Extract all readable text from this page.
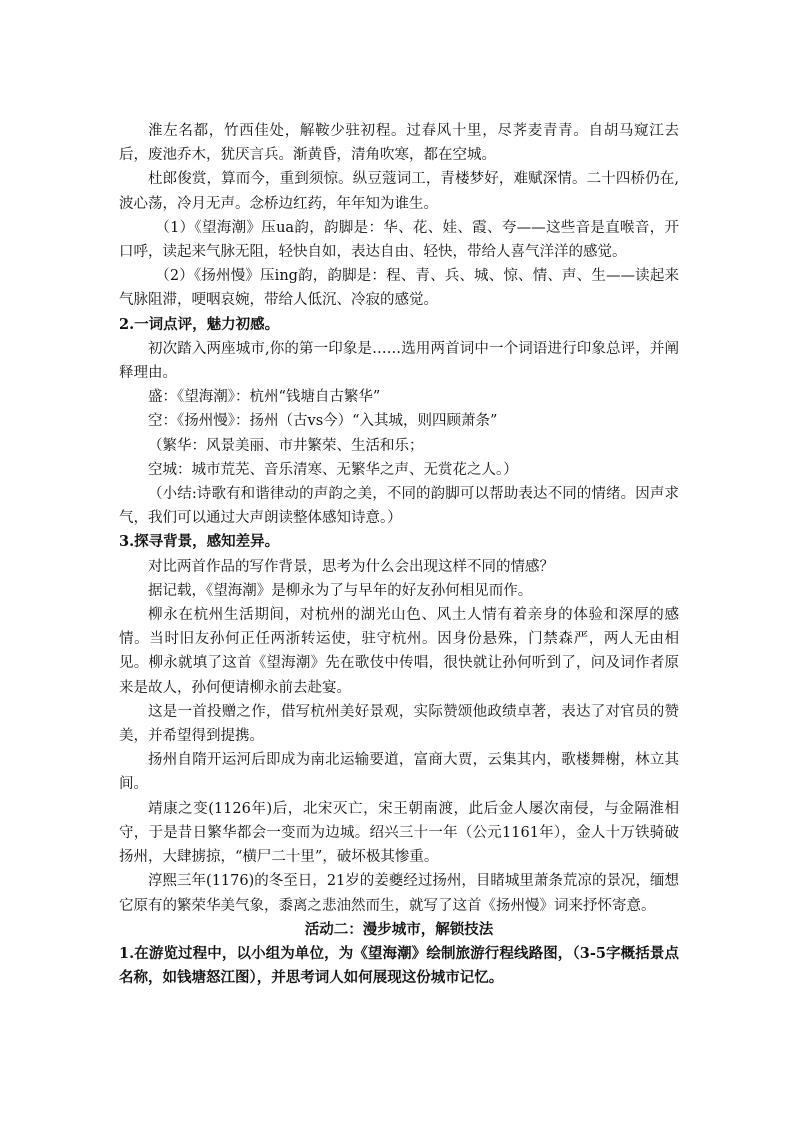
淮左名都，竹西佳处，解鞍少驻初程。过春风十里，尽荠麦青青。自胡马窥江去后，废池乔木，犹厌言兵。渐黄昏，清角吹寒，都在空城。

杜郎俊赏，算而今，重到须惊。纵豆蔻词工，青楼梦好，难赋深情。二十四桥仍在,波心荡，冷月无声。念桥边红药，年年知为谁生。

（1）《望海潮》压ua韵，韵脚是：华、花、娃、霞、夸——这些音是直喉音，开口呼，读起来气脉无阻，轻快自如，表达自由、轻快，带给人喜气洋洋的感觉。

（2）《扬州慢》压ing韵，韵脚是：程、青、兵、城、惊、情、声、生——读起来气脉阻滞，哽咽哀婉，带给人低沉、冷寂的感觉。

2.一词点评，魅力初感。

初次踏入两座城市,你的第一印象是……选用两首词中一个词语进行印象总评，并阐释理由。

盛：《望海潮》：杭州“钱塘自古繁华”

空：《扬州慢》：扬州（古vs今）“入其城，则四顾萧条”

（繁华：风景美丽、市井繁荣、生活和乐；

空城：城市荒芜、音乐清寒、无繁华之声、无赏花之人。）

（小结:诗歌有和谐律动的声韵之美，不同的韵脚可以帮助表达不同的情绪。因声求气，我们可以通过大声朗读整体感知诗意。）

3.探寻背景，感知差异。

对比两首作品的写作背景，思考为什么会出现这样不同的情感？

据记载，《望海潮》是柳永为了与早年的好友孙何相见而作。

柳永在杭州生活期间，对杭州的湖光山色、风土人情有着亲身的体验和深厚的感情。当时旧友孙何正任两浙转运使，驻守杭州。因身份悬殊，门禁森严，两人无由相见。柳永就填了这首《望海潮》先在歌伎中传唱，很快就让孙何听到了，问及词作者原来是故人，孙何便请柳永前去赴宴。

这是一首投赠之作，借写杭州美好景观，实际赞颂他政绩卓著，表达了对官员的赞美，并希望得到提携。

扬州自隋开运河后即成为南北运输要道，富商大贾，云集其内，歌楼舞榭，林立其间。

靖康之变(1126年)后，北宋灭亡，宋王朝南渡，此后金人屡次南侵，与金隔淮相守，于是昔日繁华都会一变而为边城。绍兴三十一年（公元1161年），金人十万铁骑破扬州，大肆掳掠，“横尸二十里”，破坏极其惨重。

淳熙三年(1176)的冬至日，21岁的姜夔经过扬州，目睹城里萧条荒凉的景况，缅想它原有的繁荣华美气象，黍离之悲油然而生，就写了这首《扬州慢》词来抒怀寄意。

活动二：漫步城市，解锁技法

1.在游览过程中，以小组为单位，为《望海潮》绘制旅游行程线路图，（3-5字概括景点名称，如钱塘怒江图），并思考词人如何展现这份城市记忆。
